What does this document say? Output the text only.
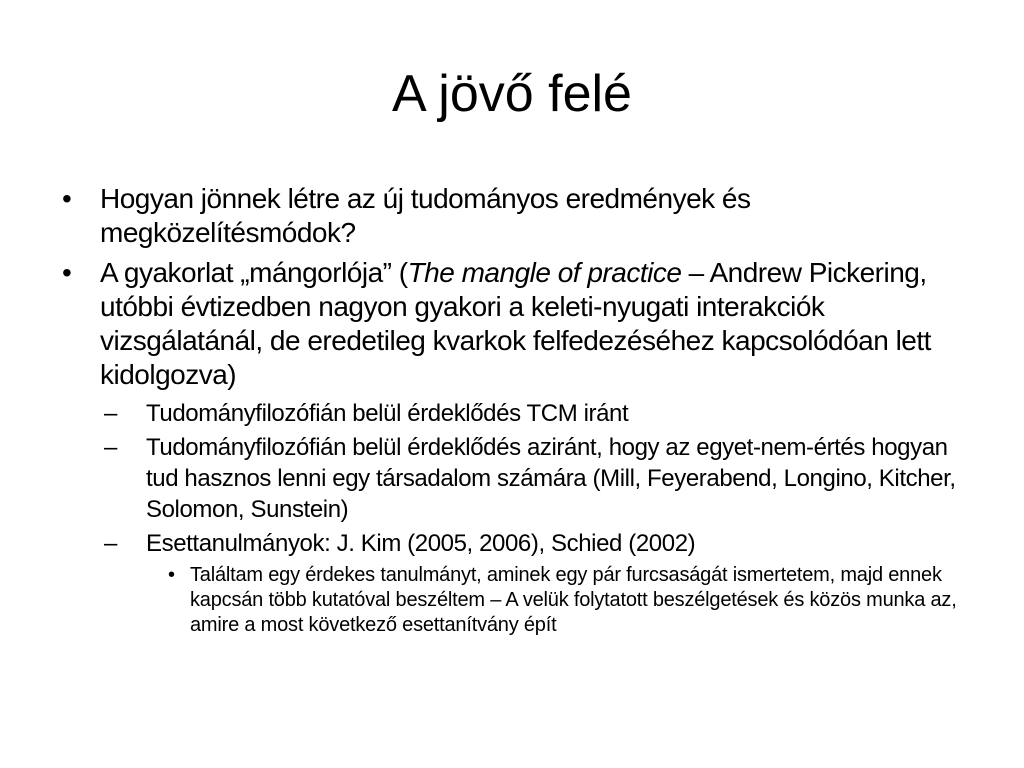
A jövő felé

• Hogyan jönnek létre az új tudományos eredmények és megközelítésmódok?

• A gyakorlat „mángorlója” (The mangle of practice – Andrew Pickering, utóbbi évtizedben nagyon gyakori a keleti-nyugati interakciók vizsgálatánál, de eredetileg kvarkok felfedezéséhez kapcsolódóan lett kidolgozva)

– Tudományfilozófián belül érdeklődés TCM iránt

– Tudományfilozófián belül érdeklődés aziránt, hogy az egyet-nem-értés hogyan tud hasznos lenni egy társadalom számára (Mill, Feyerabend, Longino, Kitcher, Solomon, Sunstein)

– Esettanulmányok: J. Kim (2005, 2006), Schied (2002)

• Találtam egy érdekes tanulmányt, aminek egy pár furcsaságát ismertetem, majd ennek kapcsán több kutatóval beszéltem – A velük folytatott beszélgetések és közös munka az, amire a most következő esettanítvány épít
